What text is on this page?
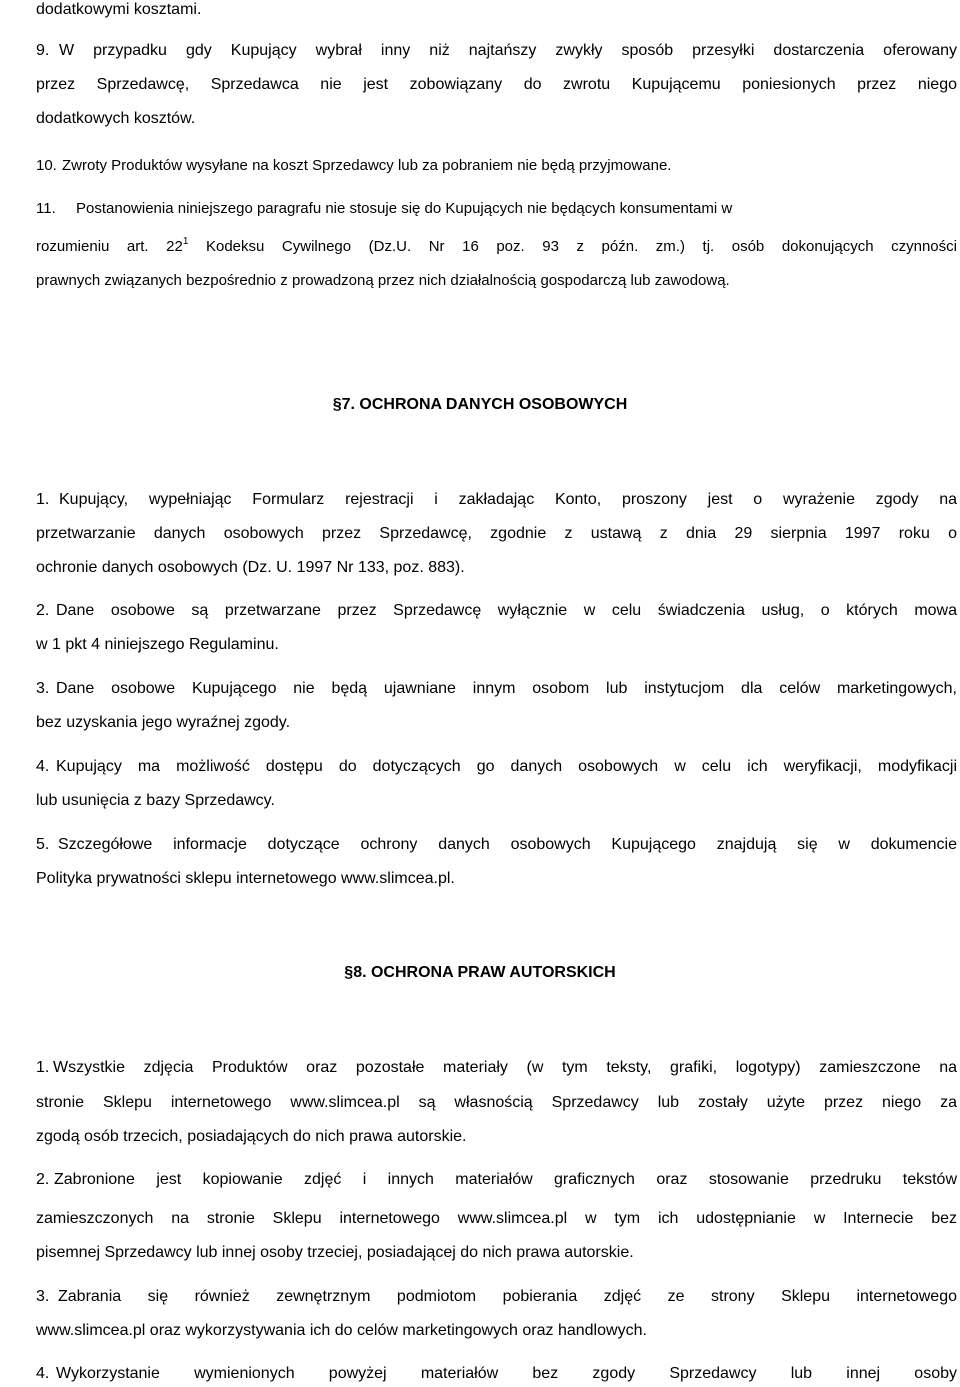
dodatkowymi kosztami.
9. W przypadku gdy Kupujący wybrał inny niż najtańszy zwykły sposób przesyłki dostarczenia oferowany
przez Sprzedawcę, Sprzedawca nie jest zobowiązany do zwrotu Kupującemu poniesionych przez niego
dodatkowych kosztów.
10. Zwroty Produktów wysyłane na koszt Sprzedawcy lub za pobraniem nie będą przyjmowane.
11. Postanowienia niniejszego paragrafu nie stosuje się do Kupujących nie będących konsumentami w
rozumieniu art. $22^1$ Kodeksu Cywilnego (Dz.U. Nr 16 poz. 93 z późn. zm.) tj. osób dokonujących czynności
prawnych związanych bezpośrednio z prowadzoną przez nich działalnością gospodarczą lub zawodową.
§7. OCHRONA DANYCH OSOBOWYCH
1. Kupujący, wypełniając Formularz rejestracji i zakładając Konto, proszony jest o wyrażenie zgody na
przetwarzanie danych osobowych przez Sprzedawcę, zgodnie z ustawą z dnia 29 sierpnia 1997 roku o
ochronie danych osobowych (Dz. U. 1997 Nr 133, poz. 883).
2. Dane osobowe są przetwarzane przez Sprzedawcę wyłącznie w celu świadczenia usług, o których mowa
w 1 pkt 4 niniejszego Regulaminu.
3. Dane osobowe Kupującego nie będą ujawniane innym osobom lub instytucjom dla celów marketingowych,
bez uzyskania jego wyraźnej zgody.
4. Kupujący ma możliwość dostępu do dotyczących go danych osobowych w celu ich weryfikacji, modyfikacji
lub usunięcia z bazy Sprzedawcy.
5. Szczegółowe informacje dotyczące ochrony danych osobowych Kupującego znajdują się w dokumencie
Polityka prywatności sklepu internetowego www.slimcea.pl.
§8. OCHRONA PRAW AUTORSKICH
1. Wszystkie zdjęcia Produktów oraz pozostałe materiały (w tym teksty, grafiki, logotypy) zamieszczone na
stronie Sklepu internetowego www.slimcea.pl są własnością Sprzedawcy lub zostały użyte przez niego za
zgodą osób trzecich, posiadających do nich prawa autorskie.
2. Zabronione jest kopiowanie zdjęć i innych materiałów graficznych oraz stosowanie przedruku tekstów
zamieszczonych na stronie Sklepu internetowego www.slimcea.pl w tym ich udostępnianie w Internecie bez
pisemnej Sprzedawcy lub innej osoby trzeciej, posiadającej do nich prawa autorskie.
3. Zabrania się również zewnętrznym podmiotom pobierania zdjęć ze strony Sklepu internetowego
www.slimcea.pl oraz wykorzystywania ich do celów marketingowych oraz handlowych.
4. Wykorzystanie wymienionych powyżej materiałów bez zgody Sprzedawcy lub innej osoby
